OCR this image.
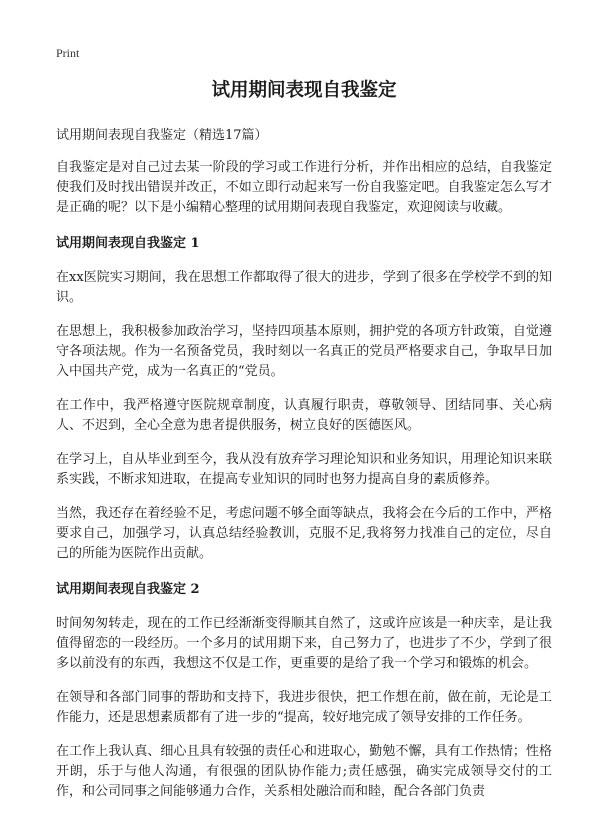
Print
试用期间表现自我鉴定
试用期间表现自我鉴定（精选17篇）

自我鉴定是对自己过去某一阶段的学习或工作进行分析，并作出相应的总结，自我鉴定使我们及时找出错误并改正，不如立即行动起来写一份自我鉴定吧。自我鉴定怎么写才是正确的呢？以下是小编精心整理的试用期间表现自我鉴定，欢迎阅读与收藏。

试用期间表现自我鉴定 1

在xx医院实习期间，我在思想工作都取得了很大的进步，学到了很多在学校学不到的知识。

在思想上，我积极参加政治学习，坚持四项基本原则，拥护党的各项方针政策，自觉遵守各项法规。作为一名预备党员，我时刻以一名真正的党员严格要求自己，争取早日加入中国共产党，成为一名真正的“党员。

在工作中，我严格遵守医院规章制度，认真履行职责，尊敬领导、团结同事、关心病人、不迟到，全心全意为患者提供服务，树立良好的医德医风。

在学习上，自从毕业到至今，我从没有放弃学习理论知识和业务知识，用理论知识来联系实践，不断求知进取，在提高专业知识的同时也努力提高自身的素质修养。

当然，我还存在着经验不足，考虑问题不够全面等缺点，我将会在今后的工作中，严格要求自己，加强学习，认真总结经验教训，克服不足,我将努力找准自己的定位，尽自己的所能为医院作出贡献。

试用期间表现自我鉴定 2

时间匆匆转走，现在的工作已经渐渐变得顺其自然了，这或许应该是一种庆幸，是让我值得留恋的一段经历。一个多月的试用期下来，自己努力了，也进步了不少，学到了很多以前没有的东西，我想这不仅是工作，更重要的是给了我一个学习和锻炼的机会。

在领导和各部门同事的帮助和支持下，我进步很快，把工作想在前，做在前，无论是工作能力，还是思想素质都有了进一步的“提高，较好地完成了领导安排的工作任务。

在工作上我认真、细心且具有较强的责任心和进取心，勤勉不懈，具有工作热情；性格开朗，乐于与他人沟通，有很强的团队协作能力;责任感强，确实完成领导交付的工作，和公司同事之间能够通力合作，关系相处融洽而和睦，配合各部门负责
